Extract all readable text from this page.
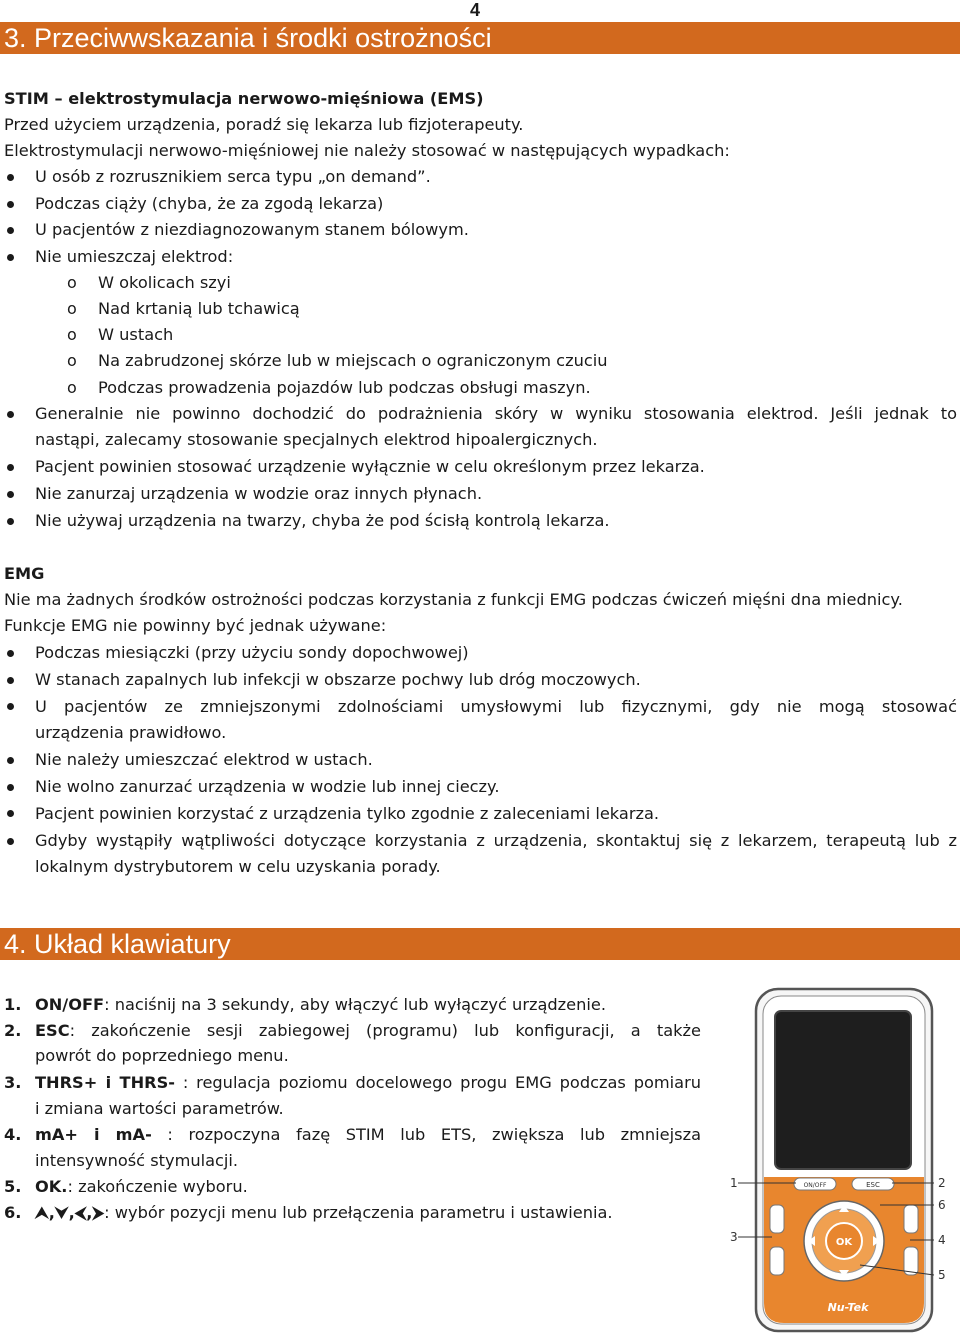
4
3. Przeciwwskazania i środki ostrożności
STIM – elektrostymulacja nerwowo-mięśniowa (EMS)
Przed użyciem urządzenia, poradź się lekarza lub fizjoterapeuty.
Elektrostymulacji nerwowo-mięśniowej nie należy stosować w następujących wypadkach:
U osób z rozrusznikiem serca typu „on demand”.
Podczas ciąży (chyba, że za zgodą lekarza)
U pacjentów z niezdiagnozowanym stanem bólowym.
Nie umieszczaj elektrod:
o W okolicach szyi
o Nad krtanią lub tchawicą
o W ustach
o Na zabrudzonej skórze lub w miejscach o ograniczonym czuciu
o Podczas prowadzenia pojazdów lub podczas obsługi maszyn.
Generalnie nie powinno dochodzić do podrażnienia skóry w wyniku stosowania elektrod. Jeśli jednak to
nastąpi, zalecamy stosowanie specjalnych elektrod hipoalergicznych.
Pacjent powinien stosować urządzenie wyłącznie w celu określonym przez lekarza.
Nie zanurzaj urządzenia w wodzie oraz innych płynach.
Nie używaj urządzenia na twarzy, chyba że pod ścisłą kontrolą lekarza.
EMG
Nie ma żadnych środków ostrożności podczas korzystania z funkcji EMG podczas ćwiczeń mięśni dna miednicy.
Funkcje EMG nie powinny być jednak używane:
Podczas miesiączki (przy użyciu sondy dopochwowej)
W stanach zapalnych lub infekcji w obszarze pochwy lub dróg moczowych.
U pacjentów ze zmniejszonymi zdolnościami umysłowymi lub fizycznymi, gdy nie mogą stosować
urządzenia prawidłowo.
Nie należy umieszczać elektrod w ustach.
Nie wolno zanurzać urządzenia w wodzie lub innej cieczy.
Pacjent powinien korzystać z urządzenia tylko zgodnie z zaleceniami lekarza.
Gdyby wystąpiły wątpliwości dotyczące korzystania z urządzenia, skontaktuj się z lekarzem, terapeutą lub z
lokalnym dystrybutorem w celu uzyskania porady.
4. Układ klawiatury
1. ON/OFF: naciśnij na 3 sekundy, aby włączyć lub wyłączyć urządzenie.
2. ESC: zakończenie sesji zabiegowej (programu) lub konfiguracji, a także
powrót do poprzedniego menu.
3. THRS+ i THRS- : regulacja poziomu docelowego progu EMG podczas pomiaru
i zmiana wartości parametrów.
4. mA+ i mA- : rozpoczyna fazę STIM lub ETS, zwiększa lub zmniejsza
intensywność stymulacji.
5. OK.: zakończenie wyboru.
6. ⮝,⮟,⮜,⮞: wybór pozycji menu lub przełączenia parametru i ustawienia.
ON/OFF	ESC
OK
Nu-Tek
1	2
6
3	4
5
